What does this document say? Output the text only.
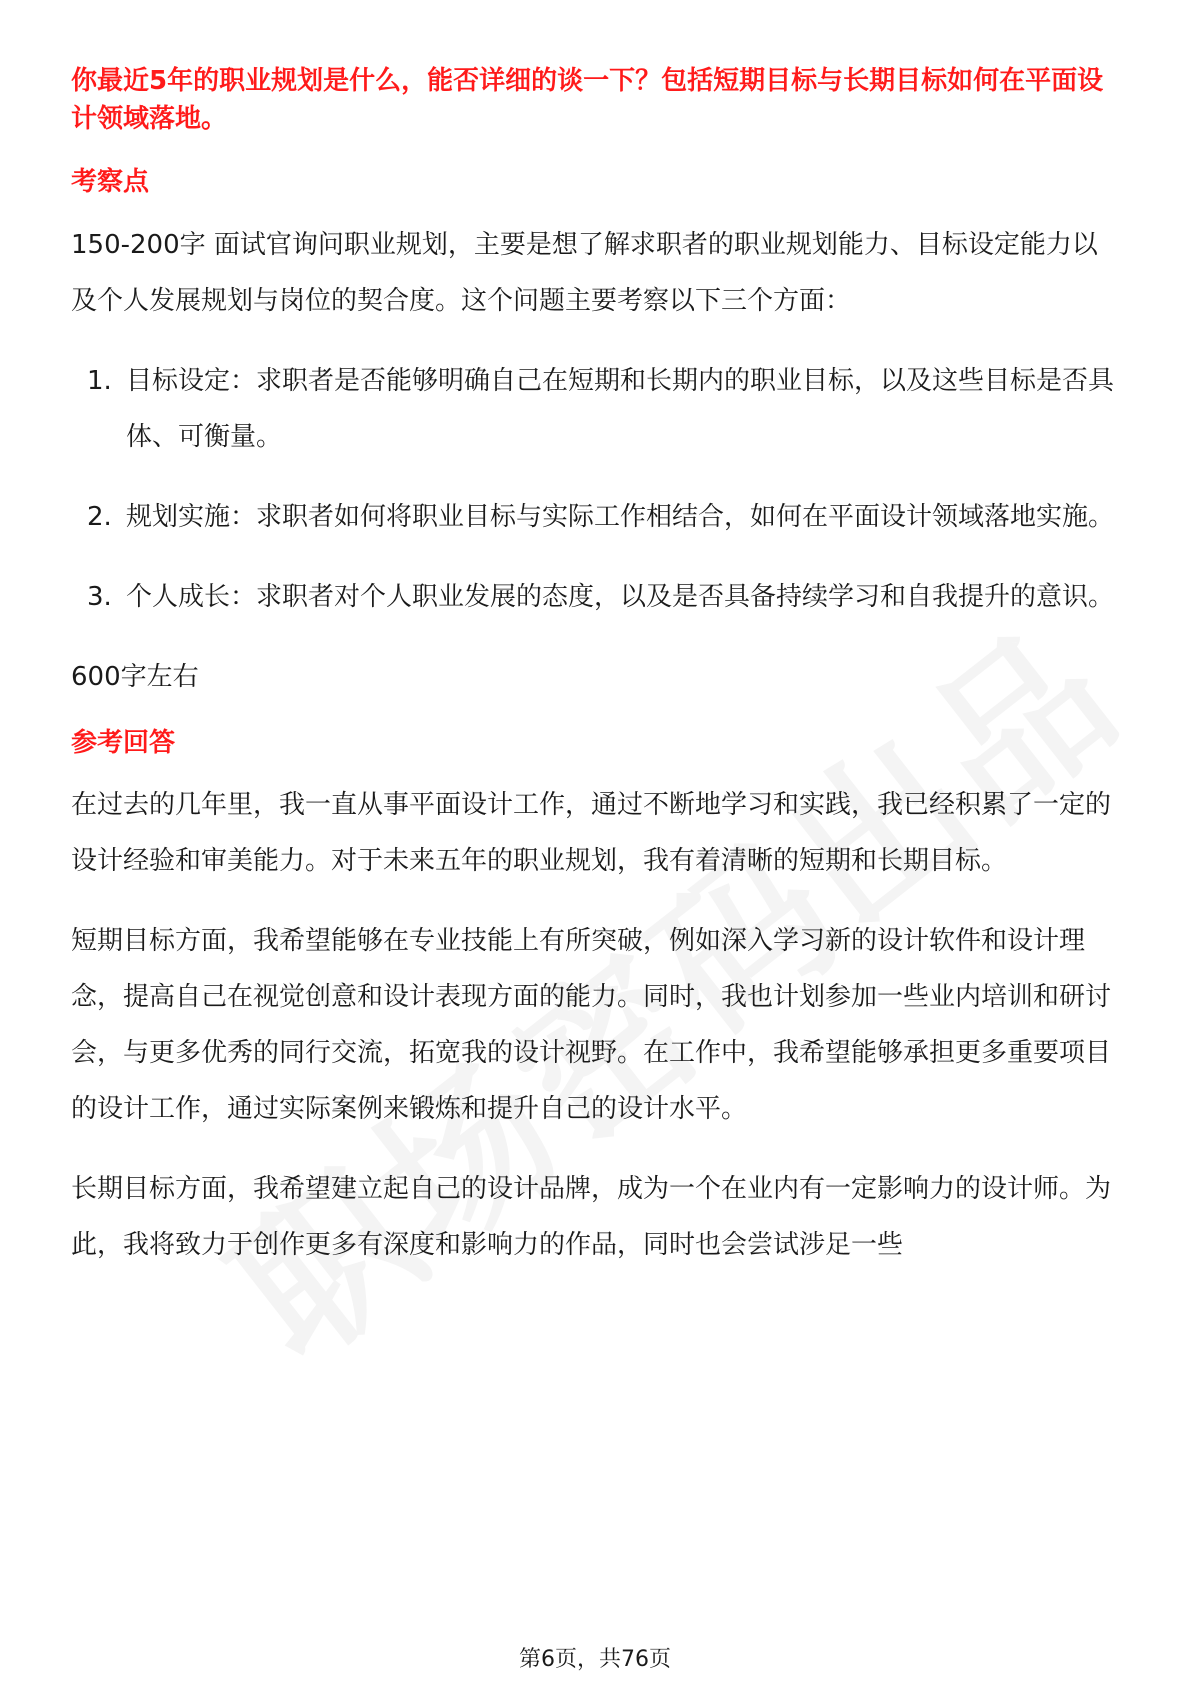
你最近5年的职业规划是什么，能否详细的谈一下？包括短期目标与长期目标如何在平面设计领域落地。

考察点

150-200字 面试官询问职业规划，主要是想了解求职者的职业规划能力、目标设定能力以及个人发展规划与岗位的契合度。这个问题主要考察以下三个方面：

1. 目标设定：求职者是否能够明确自己在短期和长期内的职业目标，以及这些目标是否具体、可衡量。
2. 规划实施：求职者如何将职业目标与实际工作相结合，如何在平面设计领域落地实施。
3. 个人成长：求职者对个人职业发展的态度，以及是否具备持续学习和自我提升的意识。

600字左右

参考回答

在过去的几年里，我一直从事平面设计工作，通过不断地学习和实践，我已经积累了一定的设计经验和审美能力。对于未来五年的职业规划，我有着清晰的短期和长期目标。

短期目标方面，我希望能够在专业技能上有所突破，例如深入学习新的设计软件和设计理念，提高自己在视觉创意和设计表现方面的能力。同时，我也计划参加一些业内培训和研讨会，与更多优秀的同行交流，拓宽我的设计视野。在工作中，我希望能够承担更多重要项目的设计工作，通过实际案例来锻炼和提升自己的设计水平。

长期目标方面，我希望建立起自己的设计品牌，成为一个在业内有一定影响力的设计师。为此，我将致力于创作更多有深度和影响力的作品，同时也会尝试涉足一些

第6页，共76页
